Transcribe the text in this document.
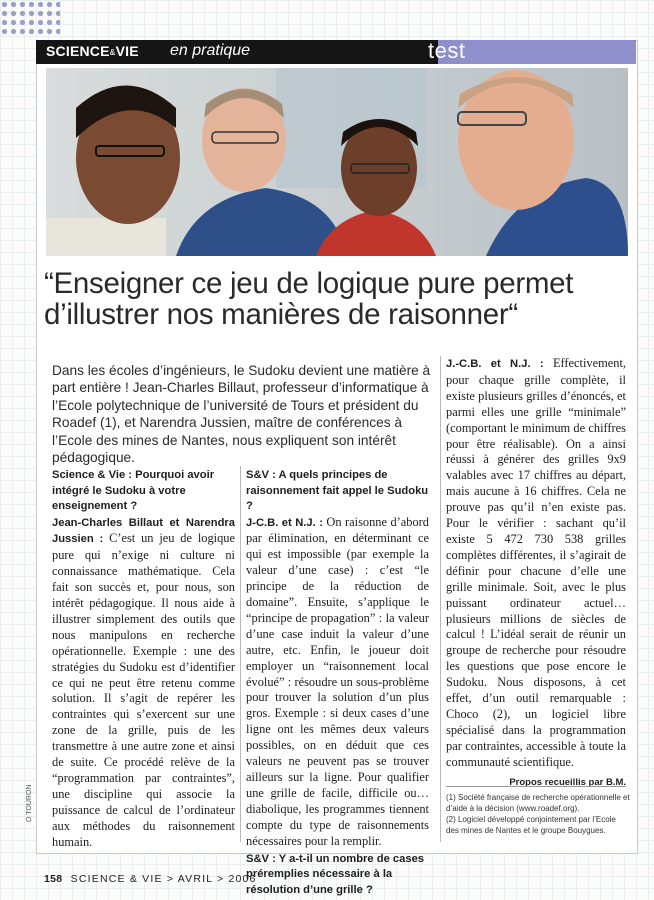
SCIENCE&VIE en pratique	test
“Enseigner ce jeu de logique pure permet d’illustrer nos manières de raisonner“
Dans les écoles d’ingénieurs, le Sudoku devient une matière à part entière ! Jean-Charles Billaut, professeur d’informatique à l’Ecole polytechnique de l’université de Tours et président du Roadef (1), et Narendra Jussien, maître de conférences à l’Ecole des mines de Nantes, nous expliquent son intérêt pédagogique.
Science & Vie : Pourquoi avoir intégré le Sudoku à votre enseignement ?
Jean-Charles Billaut et Narendra Jussien : C’est un jeu de logique pure qui n’exige ni culture ni connaissance mathématique. Cela fait son succès et, pour nous, son intérêt pédagogique. Il nous aide à illustrer simplement des outils que nous manipulons en recherche opérationnelle. Exemple : une des stratégies du Sudoku est d’identifier ce qui ne peut être retenu comme solution. Il s’agit de repérer les contraintes qui s’exercent sur une zone de la grille, puis de les transmettre à une autre zone et ainsi de suite. Ce procédé relève de la “programmation par contraintes”, une discipline qui associe la puissance de calcul de l’ordinateur aux méthodes du raisonnement humain.
S&V : A quels principes de raisonnement fait appel le Sudoku ?
J-C.B. et N.J. : On raisonne d’abord par élimination, en déterminant ce qui est impossible (par exemple la valeur d’une case) : c’est “le principe de la réduction de domaine”. Ensuite, s’applique le “principe de propagation” : la valeur d’une case induit la valeur d’une autre, etc. Enfin, le joueur doit employer un “raisonnement local évolué” : résoudre un sous-problème pour trouver la solution d’un plus gros. Exemple : si deux cases d’une ligne ont les mêmes deux valeurs possibles, on en déduit que ces valeurs ne peuvent pas se trouver ailleurs sur la ligne. Pour qualifier une grille de facile, difficile ou… diabolique, les programmes tiennent compte du type de raisonnements nécessaires pour la remplir.
S&V : Y a-t-il un nombre de cases préremplies nécessaire à la résolution d’une grille ?
J.-C.B. et N.J. : Effectivement, pour chaque grille complète, il existe plusieurs grilles d’énoncés, et parmi elles une grille “minimale” (comportant le minimum de chiffres pour être réalisable). On a ainsi réussi à générer des grilles 9x9 valables avec 17 chiffres au départ, mais aucune à 16 chiffres. Cela ne prouve pas qu’il n’en existe pas. Pour le vérifier : sachant qu’il existe 5 472 730 538 grilles complètes différentes, il s’agirait de définir pour chacune d’elle une grille minimale. Soit, avec le plus puissant ordinateur actuel… plusieurs millions de siècles de calcul ! L’idéal serait de réunir un groupe de recherche pour résoudre les questions que pose encore le Sudoku. Nous disposons, à cet effet, d’un outil remarquable : Choco (2), un logiciel libre spécialisé dans la programmation par contraintes, accessible à toute la communauté scientifique.
Propos recueillis par B.M.
(1) Société française de recherche opérationnelle et d’aide à la décision (www.roadef.org).
(2) Logiciel développé conjointement par l’Ecole des mines de Nantes et le groupe Bouygues.
158 SCIENCE & VIE > AVRIL > 2006
